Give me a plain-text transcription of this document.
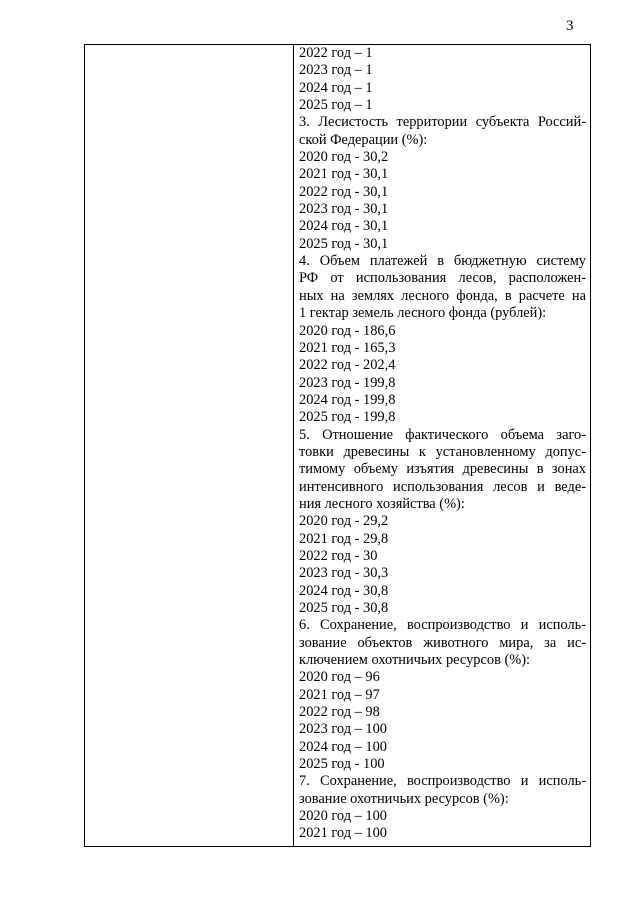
3
2022 год – 1
2023 год – 1
2024 год – 1
2025 год – 1
3. Лесистость территории субъекта Россий-
ской Федерации (%):
2020 год - 30,2
2021 год - 30,1
2022 год - 30,1
2023 год - 30,1
2024 год - 30,1
2025 год - 30,1
4. Объем платежей в бюджетную систему
РФ от использования лесов, расположен-
ных на землях лесного фонда, в расчете на
1 гектар земель лесного фонда (рублей):
2020 год - 186,6
2021 год - 165,3
2022 год - 202,4
2023 год - 199,8
2024 год - 199,8
2025 год - 199,8
5. Отношение фактического объема заго-
товки древесины к установленному допус-
тимому объему изъятия древесины в зонах
интенсивного использования лесов и веде-
ния лесного хозяйства (%):
2020 год - 29,2
2021 год - 29,8
2022 год - 30
2023 год - 30,3
2024 год - 30,8
2025 год - 30,8
6. Сохранение, воспроизводство и исполь-
зование объектов животного мира, за ис-
ключением охотничьих ресурсов (%):
2020 год – 96
2021 год – 97
2022 год – 98
2023 год – 100
2024 год – 100
2025 год - 100
7. Сохранение, воспроизводство и исполь-
зование охотничьих ресурсов (%):
2020 год – 100
2021 год – 100
